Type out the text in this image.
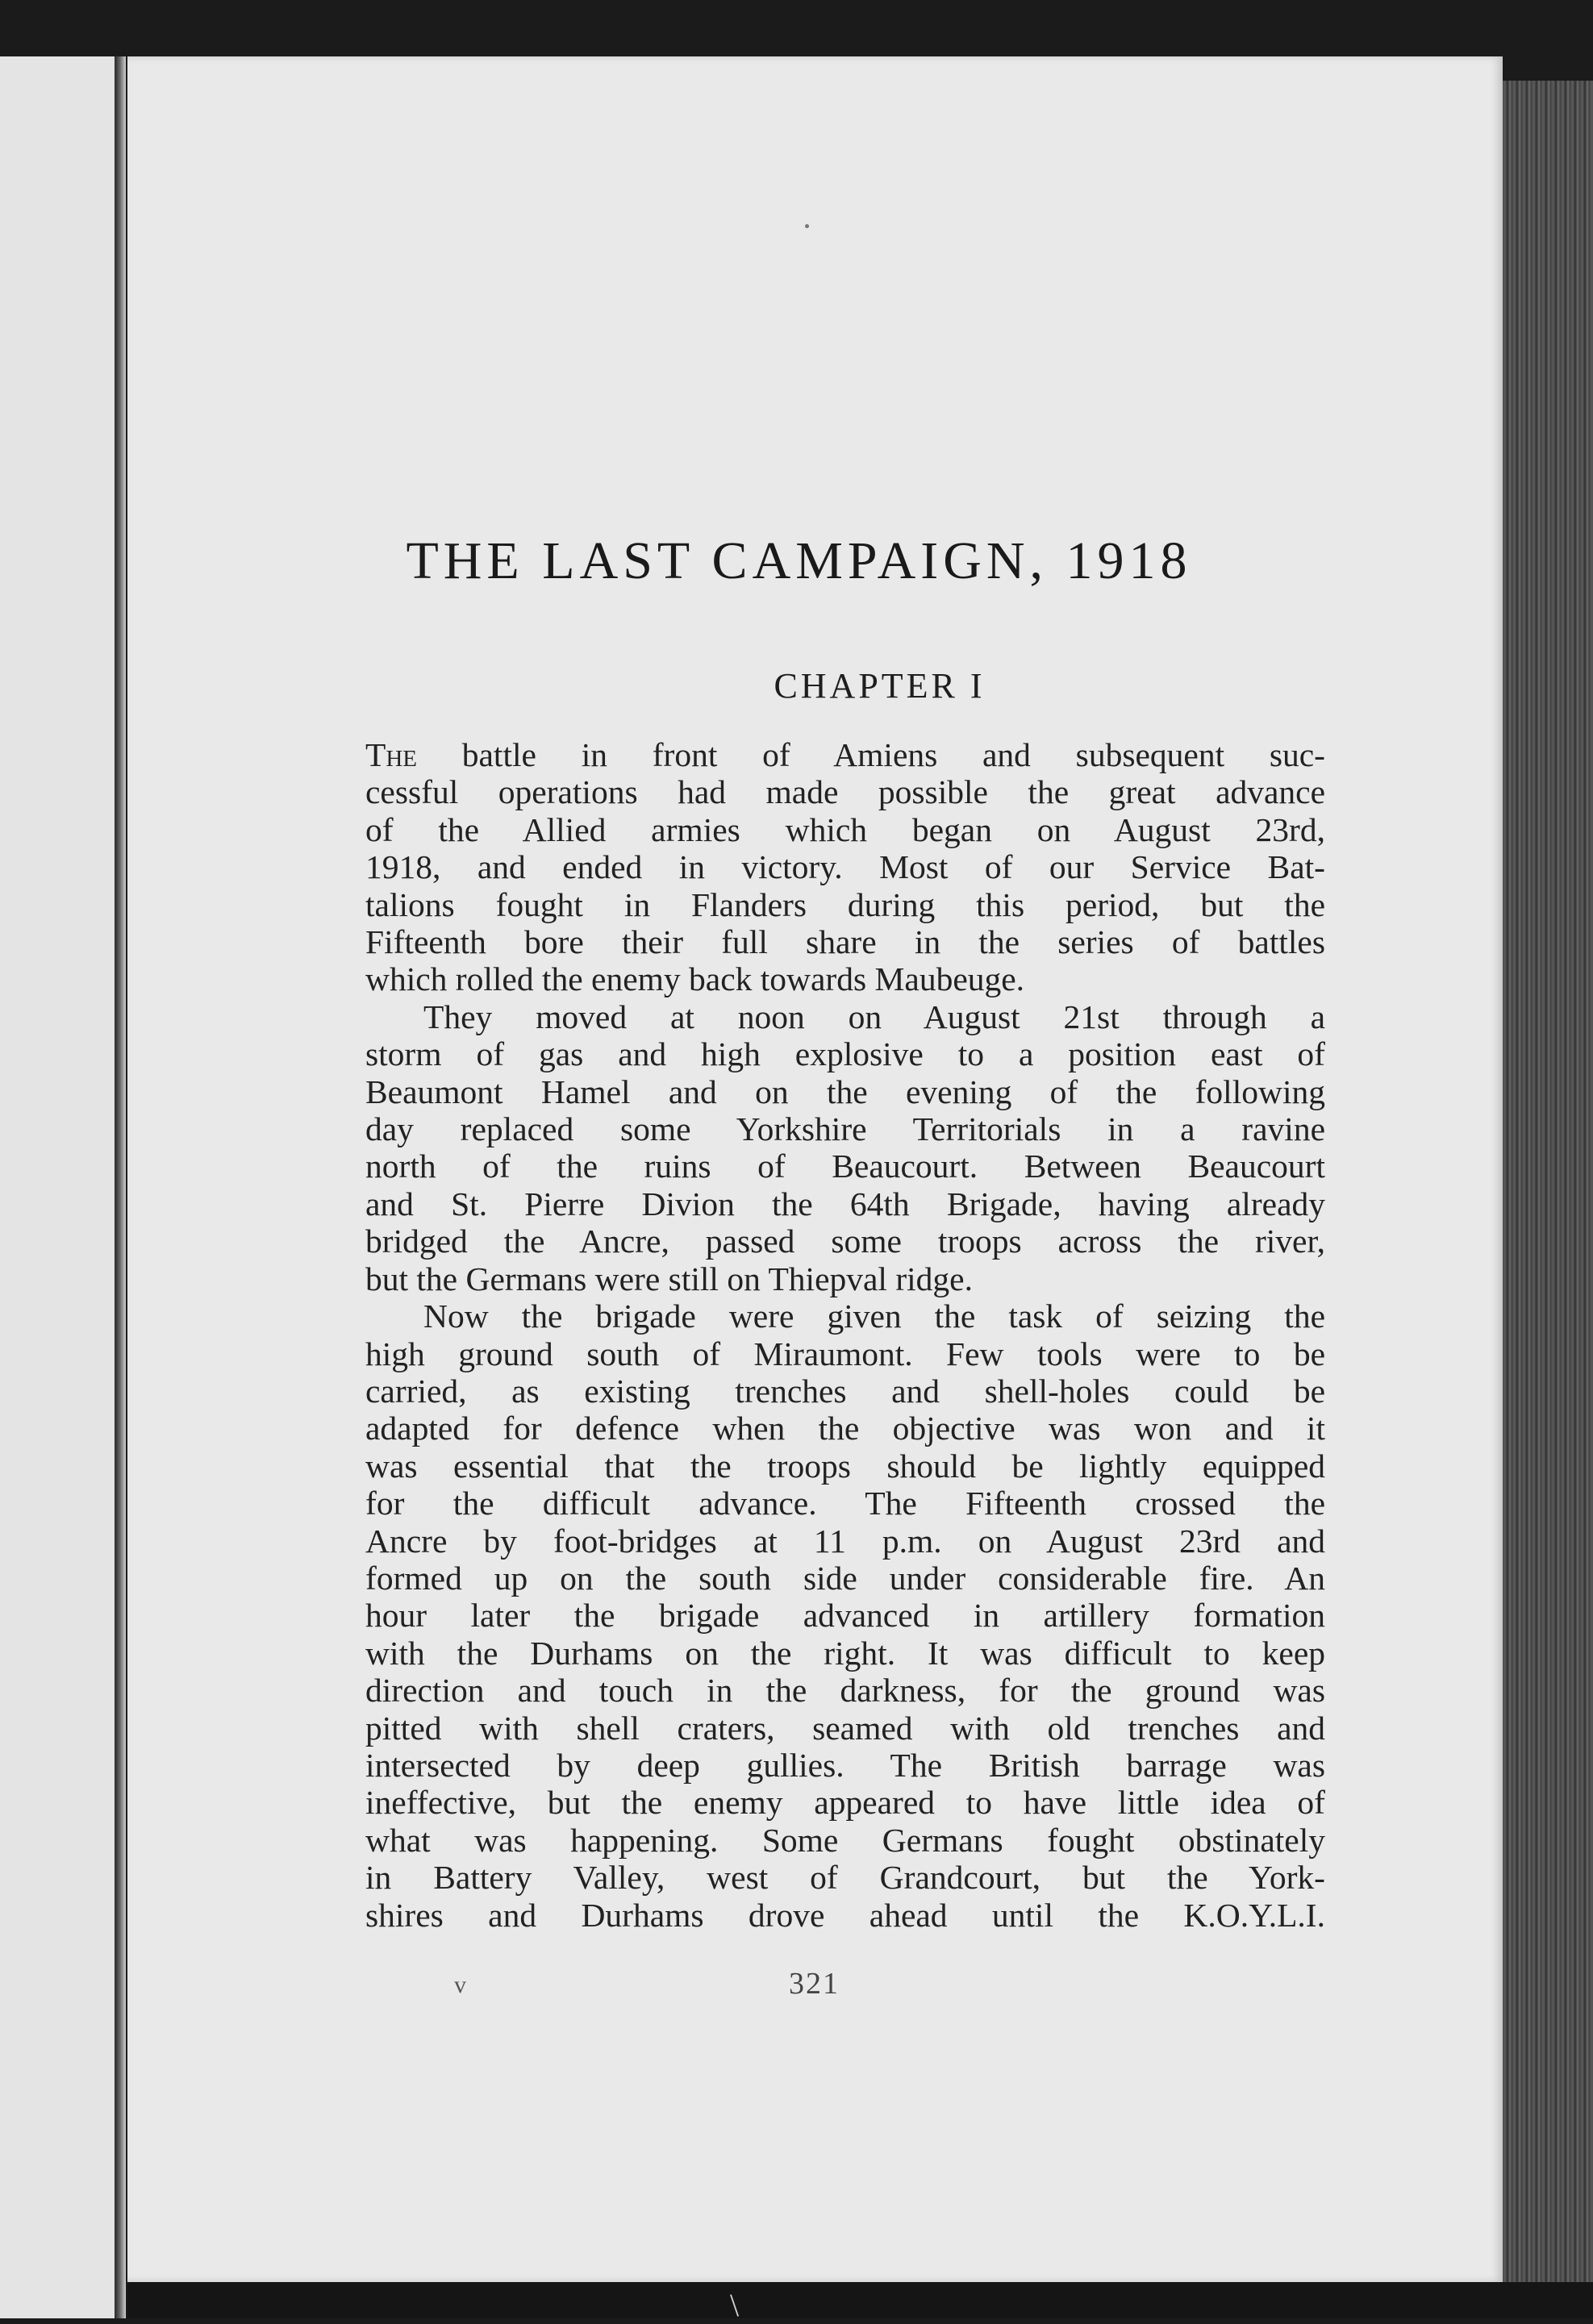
THE LAST CAMPAIGN, 1918
CHAPTER I

The battle in front of Amiens and subsequent suc-
cessful operations had made possible the great advance
of the Allied armies which began on August 23rd,
1918, and ended in victory. Most of our Service Bat-
talions fought in Flanders during this period, but the
Fifteenth bore their full share in the series of battles
which rolled the enemy back towards Maubeuge.

They moved at noon on August 21st through a
storm of gas and high explosive to a position east of
Beaumont Hamel and on the evening of the following
day replaced some Yorkshire Territorials in a ravine
north of the ruins of Beaucourt. Between Beaucourt
and St. Pierre Divion the 64th Brigade, having already
bridged the Ancre, passed some troops across the river,
but the Germans were still on Thiepval ridge.

Now the brigade were given the task of seizing the
high ground south of Miraumont. Few tools were to be
carried, as existing trenches and shell-holes could be
adapted for defence when the objective was won and it
was essential that the troops should be lightly equipped
for the difficult advance. The Fifteenth crossed the
Ancre by foot-bridges at 11 p.m. on August 23rd and
formed up on the south side under considerable fire. An
hour later the brigade advanced in artillery formation
with the Durhams on the right. It was difficult to keep
direction and touch in the darkness, for the ground was
pitted with shell craters, seamed with old trenches and
intersected by deep gullies. The British barrage was
ineffective, but the enemy appeared to have little idea of
what was happening. Some Germans fought obstinately
in Battery Valley, west of Grandcourt, but the York-
shires and Durhams drove ahead until the K.O.Y.L.I.

v	321
\
